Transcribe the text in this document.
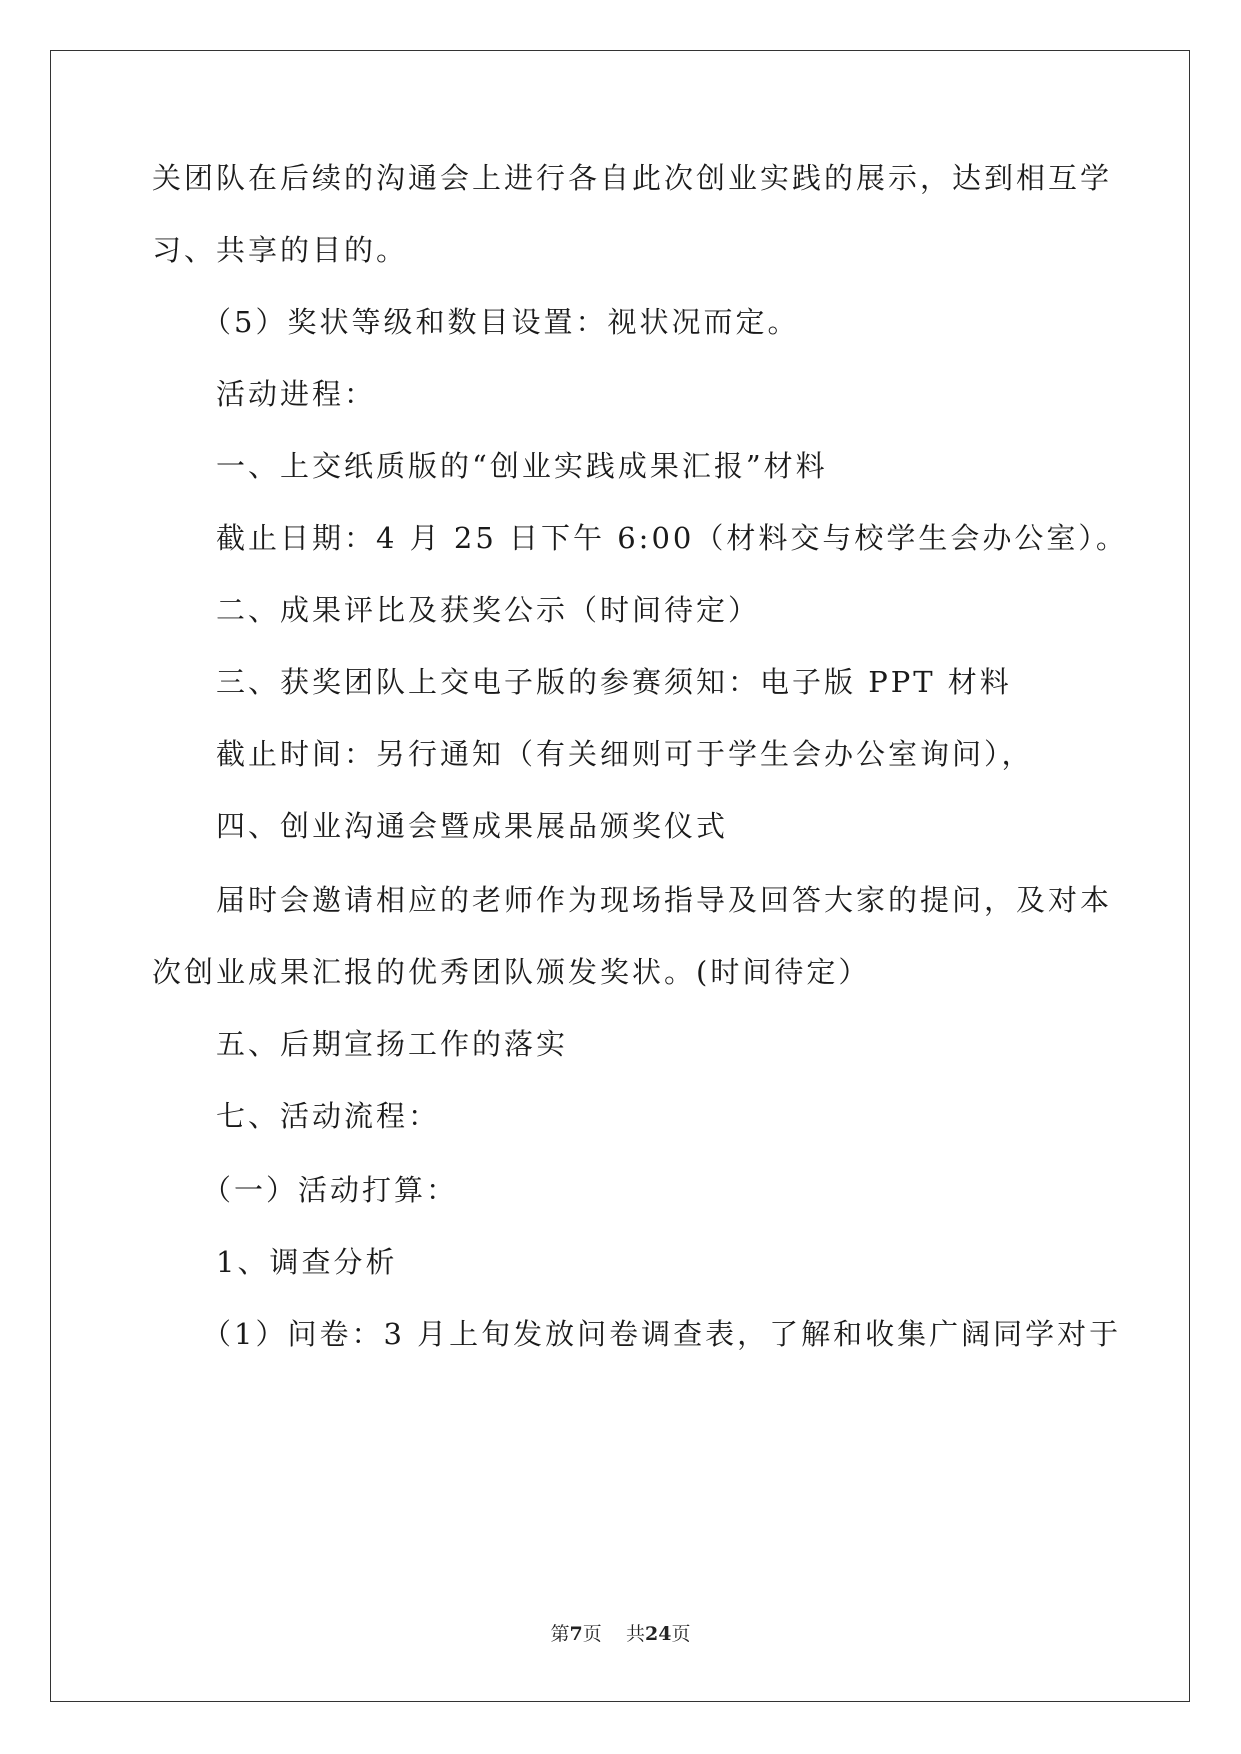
关团队在后续的沟通会上进行各自此次创业实践的展示，达到相互学
习、共享的目的。
（5）奖状等级和数目设置：视状况而定。
活动进程：
一、上交纸质版的“创业实践成果汇报”材料
截止日期：4 月 25 日下午 6:00（材料交与校学生会办公室）。
二、成果评比及获奖公示（时间待定）
三、获奖团队上交电子版的参赛须知：电子版 PPT 材料
截止时间：另行通知（有关细则可于学生会办公室询问），
四、创业沟通会暨成果展品颁奖仪式
届时会邀请相应的老师作为现场指导及回答大家的提问，及对本
次创业成果汇报的优秀团队颁发奖状。(时间待定）
五、后期宣扬工作的落实
七、活动流程：
（一）活动打算：
1、调查分析
（1）问卷：3 月上旬发放问卷调查表，了解和收集广阔同学对于
第7页 共24页
